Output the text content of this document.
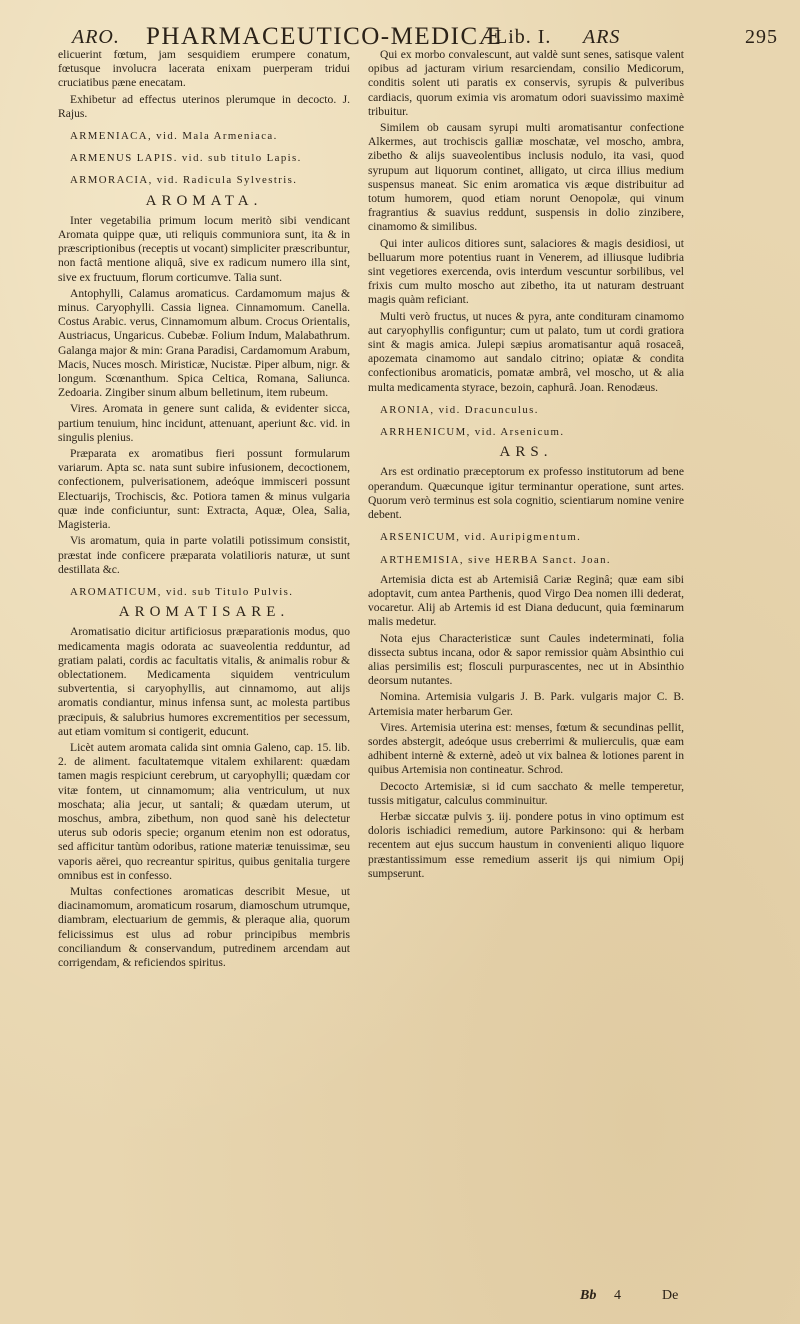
ARO. PHARMACEUTICO-MEDICÆ
Lib. I. ARS	295

elicuerint fœtum, jam sesquidiem erumpere conatum, fœtusque involucra lacerata enixam puerperam tridui cruciatibus pæne enecatam.

Exhibetur ad effectus uterinos plerumque in decocto. J. Rajus.

ARMENIACA, vid. Mala Armeniaca.
ARMENUS LAPIS. vid. sub titulo Lapis.
ARMORACIA, vid. Radicula Sylvestris.
AROMATA.

Inter vegetabilia primum locum meritò sibi vendicant Aromata quippe quæ, uti reliquis communiora sunt, ita & in præscriptionibus (receptis ut vocant) simpliciter præscribuntur, non factâ mentione aliquâ, sive ex radicum numero illa sint, sive ex fructuum, florum corticumve. Talia sunt.

Antophylli, Calamus aromaticus. Cardamomum majus & minus. Caryophylli. Cassia lignea. Cinnamomum. Canella. Costus Arabic. verus, Cinnamomum album. Crocus Orientalis, Austriacus, Ungaricus. Cubebæ. Folium Indum, Malabathrum. Galanga major & min: Grana Paradisi, Cardamomum Arabum, Macis, Nuces mosch. Miristicæ, Nucistæ. Piper album, nigr. & longum. Scœnanthum. Spica Celtica, Romana, Saliunca. Zedoaria. Zingiber sinum album belletinum, item rubeum.

Vires. Aromata in genere sunt calida, & evidenter sicca, partium tenuium, hinc incidunt, attenuant, aperiunt &c. vid. in singulis plenius.

Præparata ex aromatibus fieri possunt formularum variarum. Apta sc. nata sunt subire infusionem, decoctionem, confectionem, pulverisationem, adeóque immisceri possunt Electuarijs, Trochiscis, &c. Potiora tamen & minus vulgaria quæ inde conficiuntur, sunt: Extracta, Aquæ, Olea, Salia, Magisteria.

Vis aromatum, quia in parte volatili potissimum consistit, præstat inde conficere præparata volatilioris naturæ, ut sunt destillata &c.

AROMATICUM, vid. sub Titulo Pulvis.
AROMATISARE.

Aromatisatio dicitur artificiosus præparationis modus, quo medicamenta magis odorata ac suaveolentia redduntur, ad gratiam palati, cordis ac facultatis vitalis, & animalis robur & oblectationem. Medicamenta siquidem ventriculum subvertentia, si caryophyllis, aut cinnamomo, aut alijs aromatis condiantur, minus infensa sunt, ac molesta partibus præcipuis, & salubrius humores excrementitios per secessum, aut etiam vomitum si contigerit, educunt.

Licèt autem aromata calida sint omnia Galeno, cap. 15. lib. 2. de aliment. facultatemque vitalem exhilarent: quædam tamen magis respiciunt cerebrum, ut caryophylli; quædam cor vitæ fontem, ut cinnamomum; alia ventriculum, ut nux moschata; alia jecur, ut santali; & quædam uterum, ut moschus, ambra, zibethum, non quod sanè his delectetur uterus sub odoris specie; organum etenim non est odoratus, sed afficitur tantùm odoribus, ratione materiæ tenuissimæ, seu vaporis aërei, quo recreantur spiritus, quibus genitalia turgere omnibus est in confesso.

Multas confectiones aromaticas describit Mesue, ut diacinamomum, aromaticum rosarum, diamoschum utrumque, diambram, electuarium de gemmis, & pleraque alia, quorum felicissimus est ulus ad robur principibus membris conciliandum & conservandum, putredinem arcendam aut corrigendam, & reficiendos spiritus.

Qui ex morbo convalescunt, aut valdè sunt senes, satisque valent opibus ad jacturam virium resarciendam, consilio Medicorum, conditis solent uti paratis ex conservis, syrupis & pulveribus cardiacis, quorum eximia vis aromatum odori suavissimo maximè tribuitur.

Similem ob causam syrupi multi aromatisantur confectione Alkermes, aut trochiscis galliæ moschatæ, vel moscho, ambra, zibetho & alijs suaveolentibus inclusis nodulo, ita vasi, quod syrupum aut liquorum continet, alligato, ut circa illius medium suspensus maneat. Sic enim aromatica vis æque distribuitur ad totum humorem, quod etiam norunt Oenopolæ, qui vinum fragrantius & suavius reddunt, suspensis in dolio zinzibere, cinamomo & similibus.

Qui inter aulicos ditiores sunt, salaciores & magis desidiosi, ut belluarum more potentius ruant in Venerem, ad illiusque ludibria sint vegetiores exercenda, ovis interdum vescuntur sorbilibus, vel frixis cum multo moscho aut zibetho, ita ut naturam destruant magis quàm reficiant.

Multi verò fructus, ut nuces & pyra, ante condituram cinamomo aut caryophyllis configuntur; cum ut palato, tum ut cordi gratiora sint & magis amica. Julepi sæpius aromatisantur aquâ rosaceâ, apozemata cinamomo aut sandalo citrino; opiatæ & condita confectionibus aromaticis, pomatæ ambrâ, vel moscho, ut & alia multa medicamenta styrace, bezoin, caphurâ. Joan. Renodæus.

ARONIA, vid. Dracunculus.
ARRHENICUM, vid. Arsenicum.
ARS.

Ars est ordinatio præceptorum ex professo institutorum ad bene operandum. Quæcunque igitur terminantur operatione, sunt artes. Quorum verò terminus est sola cognitio, scientiarum nomine venire debent.

ARSENICUM, vid. Auripigmentum.
ARTHEMISIA, sive HERBA Sanct. Joan.

Artemisia dicta est ab Artemisiâ Cariæ Reginâ; quæ eam sibi adoptavit, cum antea Parthenis, quod Virgo Dea nomen illi dederat, vocaretur. Alij ab Artemis id est Diana deducunt, quia fœminarum malis medetur.

Nota ejus Characteristicæ sunt Caules indeterminati, folia dissecta subtus incana, odor & sapor remissior quàm Absinthio cui alias persimilis est; flosculi purpurascentes, nec ut in Absinthio deorsum nutantes.

Nomina. Artemisia vulgaris J. B. Park. vulgaris major C. B. Artemisia mater herbarum Ger.

Vires. Artemisia uterina est: menses, fœtum & secundinas pellit, sordes abstergit, adeóque usus creberrimi & mulierculis, quæ eam adhibent internè & externè, adeò ut vix balnea & lotiones parent in quibus Artemisia non contineatur. Schrod.

Decocto Artemisiæ, si id cum sacchato & melle temperetur, tussis mitigatur, calculus comminuitur.

Herbæ siccatæ pulvis ʒ. iij. pondere potus in vino optimum est doloris ischiadici remedium, autore Parkinsono: qui & herbam recentem aut ejus succum haustum in convenienti aliquo liquore præstantissimum esse remedium asserit ijs qui nimium Opij sumpserunt.

Bb 4	De
